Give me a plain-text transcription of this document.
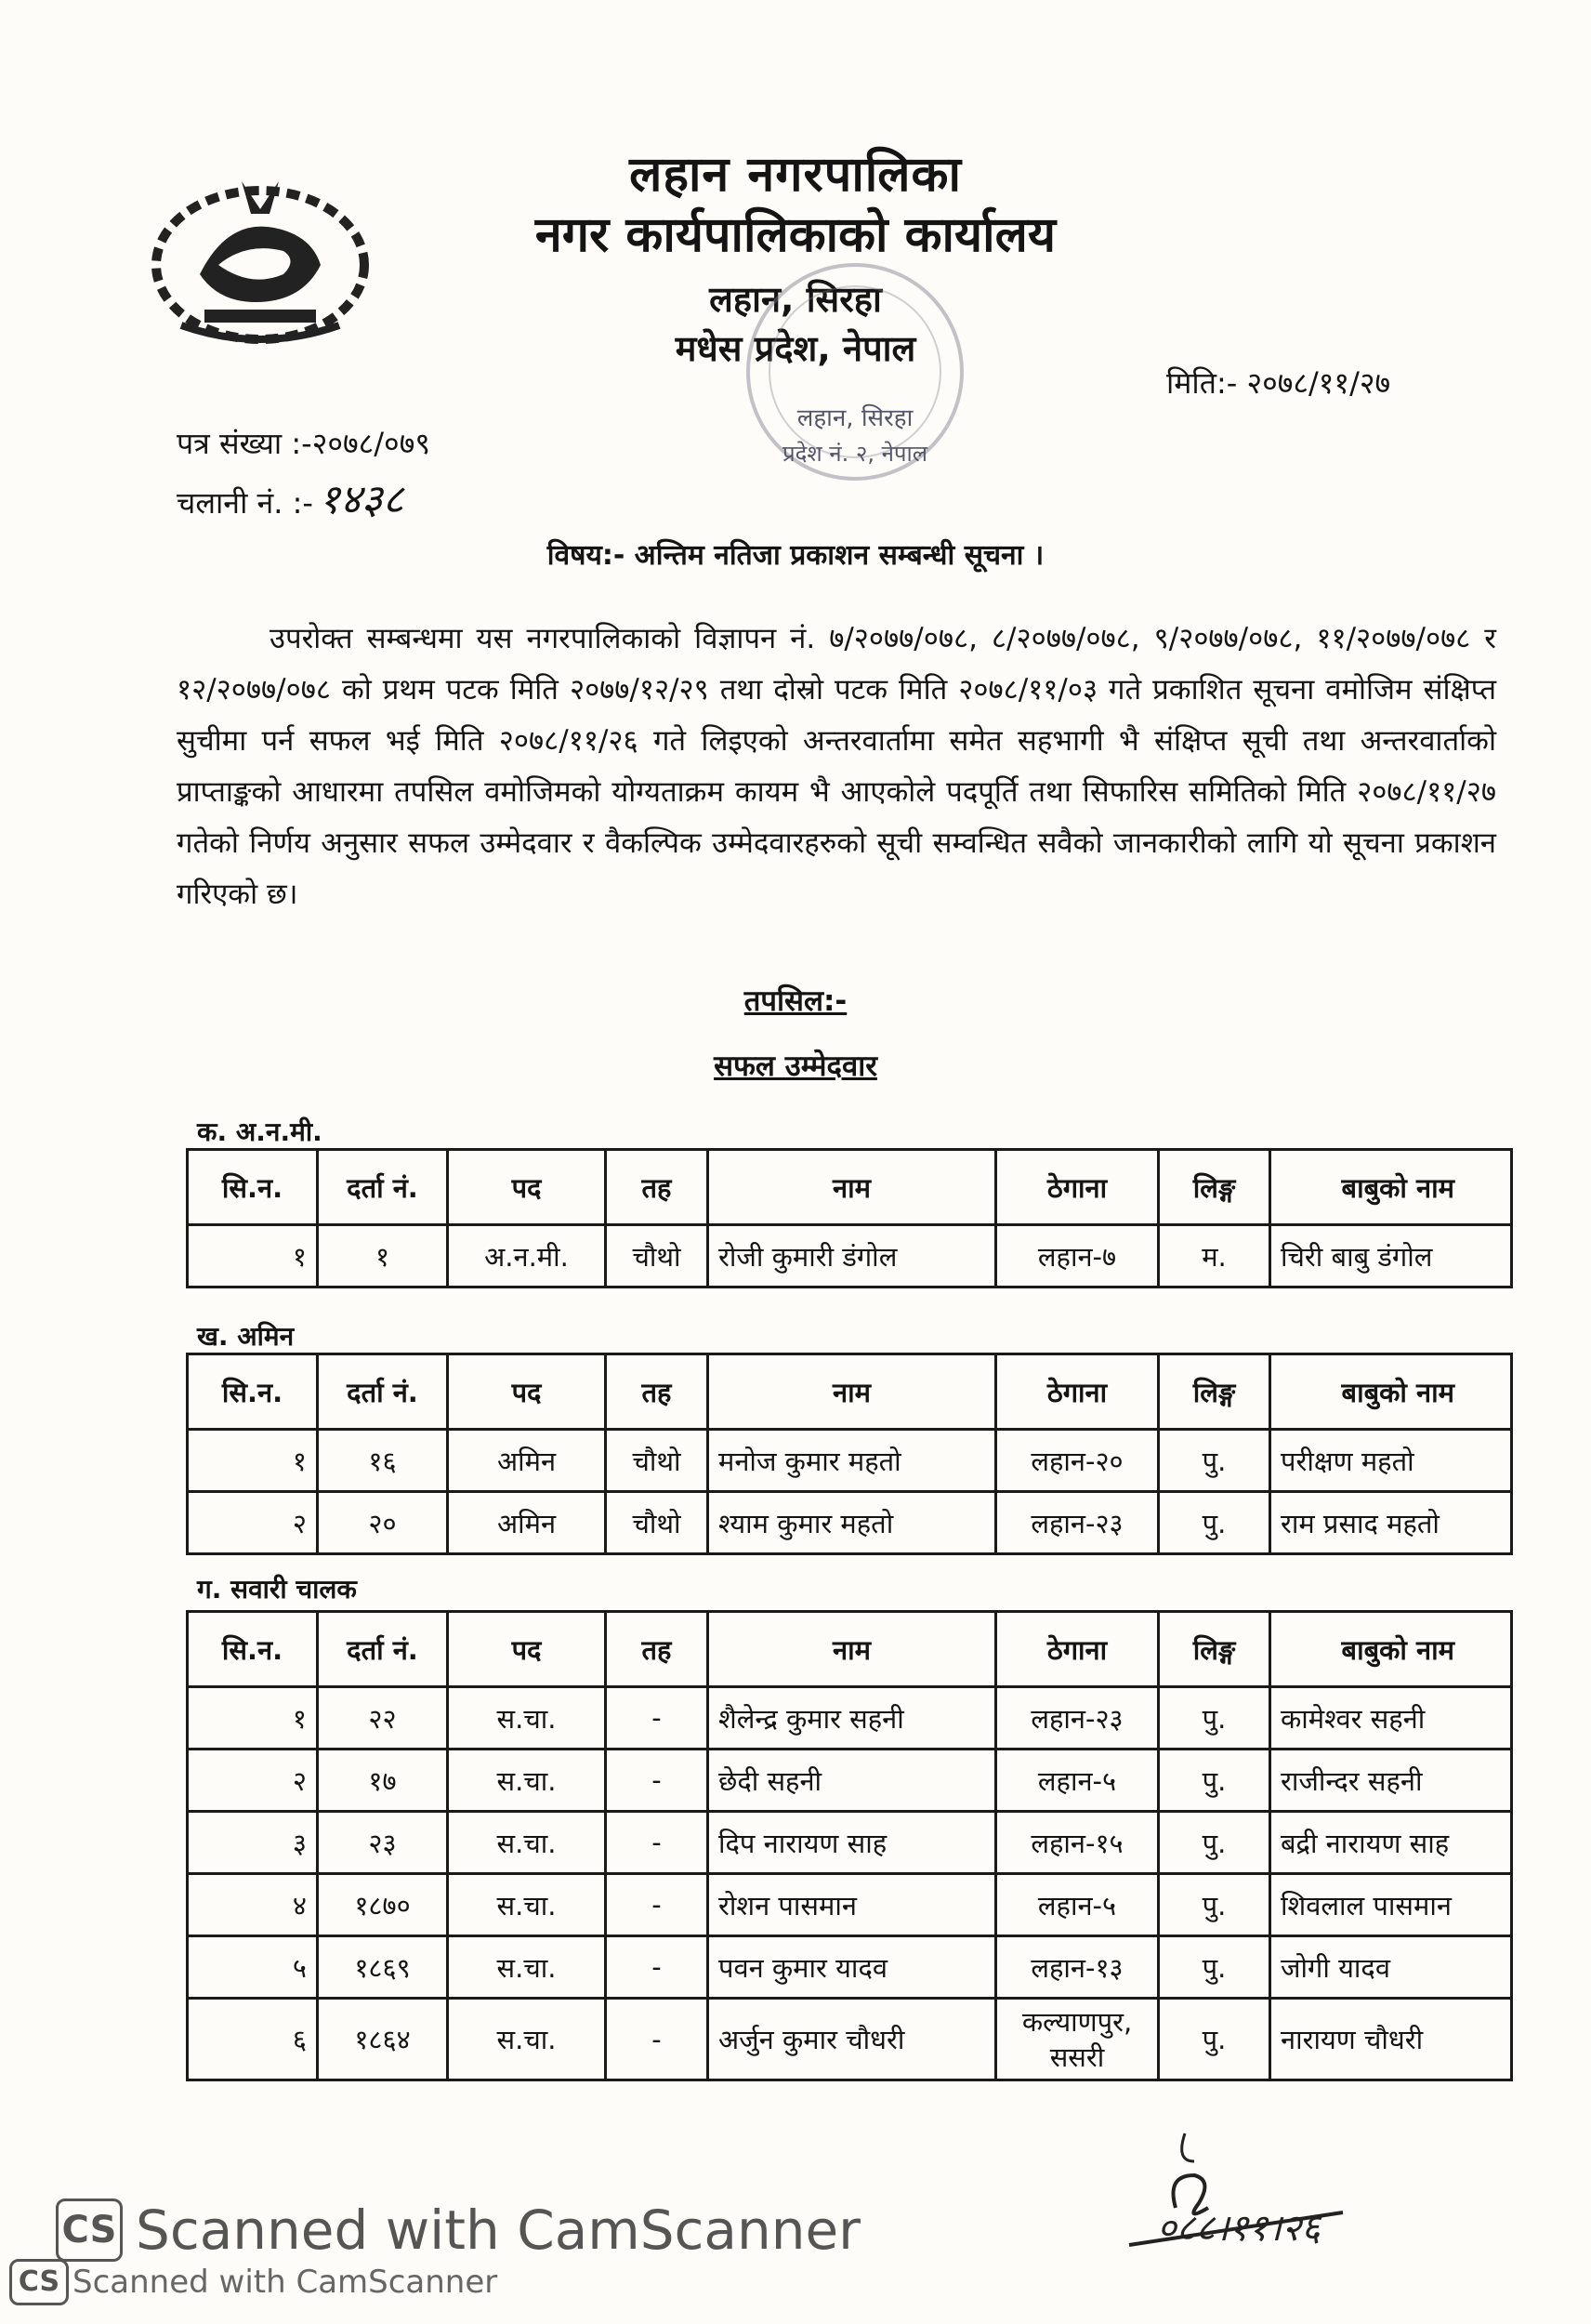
लहान नगरपालिका
नगर कार्यपालिकाको कार्यालय
लहान, सिरहा
मधेस प्रदेश, नेपाल
लहान, सिरहा
प्रदेश नं. २, नेपाल
मिति:- २०७८/११/२७
पत्र संख्या :-२०७८/०७९
चलानी नं. :- १४३८
विषय:- अन्तिम नतिजा प्रकाशन सम्बन्धी सूचना ।
उपरोक्त सम्बन्धमा यस नगरपालिकाको विज्ञापन नं. ७/२०७७/०७८, ८/२०७७/०७८, ९/२०७७/०७८, ११/२०७७/०७८ र १२/२०७७/०७८ को प्रथम पटक मिति २०७७/१२/२९ तथा दोस्रो पटक मिति २०७८/११/०३ गते प्रकाशित सूचना वमोजिम संक्षिप्त सुचीमा पर्न सफल भई मिति २०७८/११/२६ गते लिइएको अन्तरवार्तामा समेत सहभागी भै संक्षिप्त सूची तथा अन्तरवार्ताको प्राप्ताङ्कको आधारमा तपसिल वमोजिमको योग्यताक्रम कायम भै आएकोले पदपूर्ति तथा सिफारिस समितिको मिति २०७८/११/२७ गतेको निर्णय अनुसार सफल उम्मेदवार र वैकल्पिक उम्मेदवारहरुको सूची सम्वन्धित सवैको जानकारीको लागि यो सूचना प्रकाशन गरिएको छ।
तपसिल:-
सफल उम्मेदवार
क. अ.न.मी.
ख. अमिन
ग. सवारी चालक
सि.न.	दर्ता नं.	पद	तह	नाम	ठेगाना	लिङ्ग	बाबुको नाम
१	१	अ.न.मी.	चौथो	रोजी कुमारी डंगोल	लहान-७	म.	चिरी बाबु डंगोल
सि.न.	दर्ता नं.	पद	तह	नाम	ठेगाना	लिङ्ग	बाबुको नाम
१	१६	अमिन	चौथो	मनोज कुमार महतो	लहान-२०	पु.	परीक्षण महतो
२	२०	अमिन	चौथो	श्याम कुमार महतो	लहान-२३	पु.	राम प्रसाद महतो
सि.न.	दर्ता नं.	पद	तह	नाम	ठेगाना	लिङ्ग	बाबुको नाम
१	२२	स.चा.	-	शैलेन्द्र कुमार सहनी	लहान-२३	पु.	कामेश्वर सहनी
२	१७	स.चा.	-	छेदी सहनी	लहान-५	पु.	राजीन्दर सहनी
३	२३	स.चा.	-	दिप नारायण साह	लहान-१५	पु.	बद्री नारायण साह
४	१८७०	स.चा.	-	रोशन पासमान	लहान-५	पु.	शिवलाल पासमान
५	१८६९	स.चा.	-	पवन कुमार यादव	लहान-१३	पु.	जोगी यादव
६	१८६४	स.चा.	-	अर्जुन कुमार चौधरी	कल्याणपुर, ससरी	पु.	नारायण चौधरी
०८८।११।२६
CS Scanned with CamScanner
CS Scanned with CamScanner
